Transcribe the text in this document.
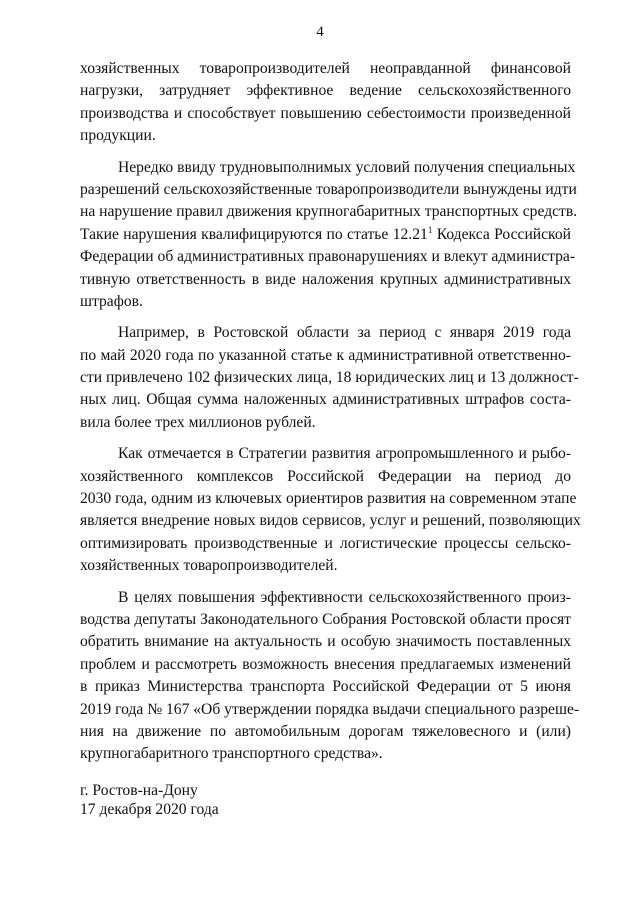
4
хозяйственных товаропроизводителей неоправданной финансовой
нагрузки, затрудняет эффективное ведение сельскохозяйственного
производства и способствует повышению себестоимости произведенной
продукции.
Нередко ввиду трудновыполнимых условий получения специальных
разрешений сельскохозяйственные товаропроизводители вынуждены идти
на нарушение правил движения крупногабаритных транспортных средств.
Такие нарушения квалифицируются по статье 12.21$^1$ Кодекса Российской
Федерации об административных правонарушениях и влекут администра-
тивную ответственность в виде наложения крупных административных
штрафов.
Например, в Ростовской области за период с января 2019 года
по май 2020 года по указанной статье к административной ответственно-
сти привлечено 102 физических лица, 18 юридических лиц и 13 должност-
ных лиц. Общая сумма наложенных административных штрафов соста-
вила более трех миллионов рублей.
Как отмечается в Стратегии развития агропромышленного и рыбо-
хозяйственного комплексов Российской Федерации на период до
2030 года, одним из ключевых ориентиров развития на современном этапе
является внедрение новых видов сервисов, услуг и решений, позволяющих
оптимизировать производственные и логистические процессы сельско-
хозяйственных товаропроизводителей.
В целях повышения эффективности сельскохозяйственного произ-
водства депутаты Законодательного Собрания Ростовской области просят
обратить внимание на актуальность и особую значимость поставленных
проблем и рассмотреть возможность внесения предлагаемых изменений
в приказ Министерства транспорта Российской Федерации от 5 июня
2019 года № 167 «Об утверждении порядка выдачи специального разреше-
ния на движение по автомобильным дорогам тяжеловесного и (или)
крупногабаритного транспортного средства».
г. Ростов-на-Дону
17 декабря 2020 года
